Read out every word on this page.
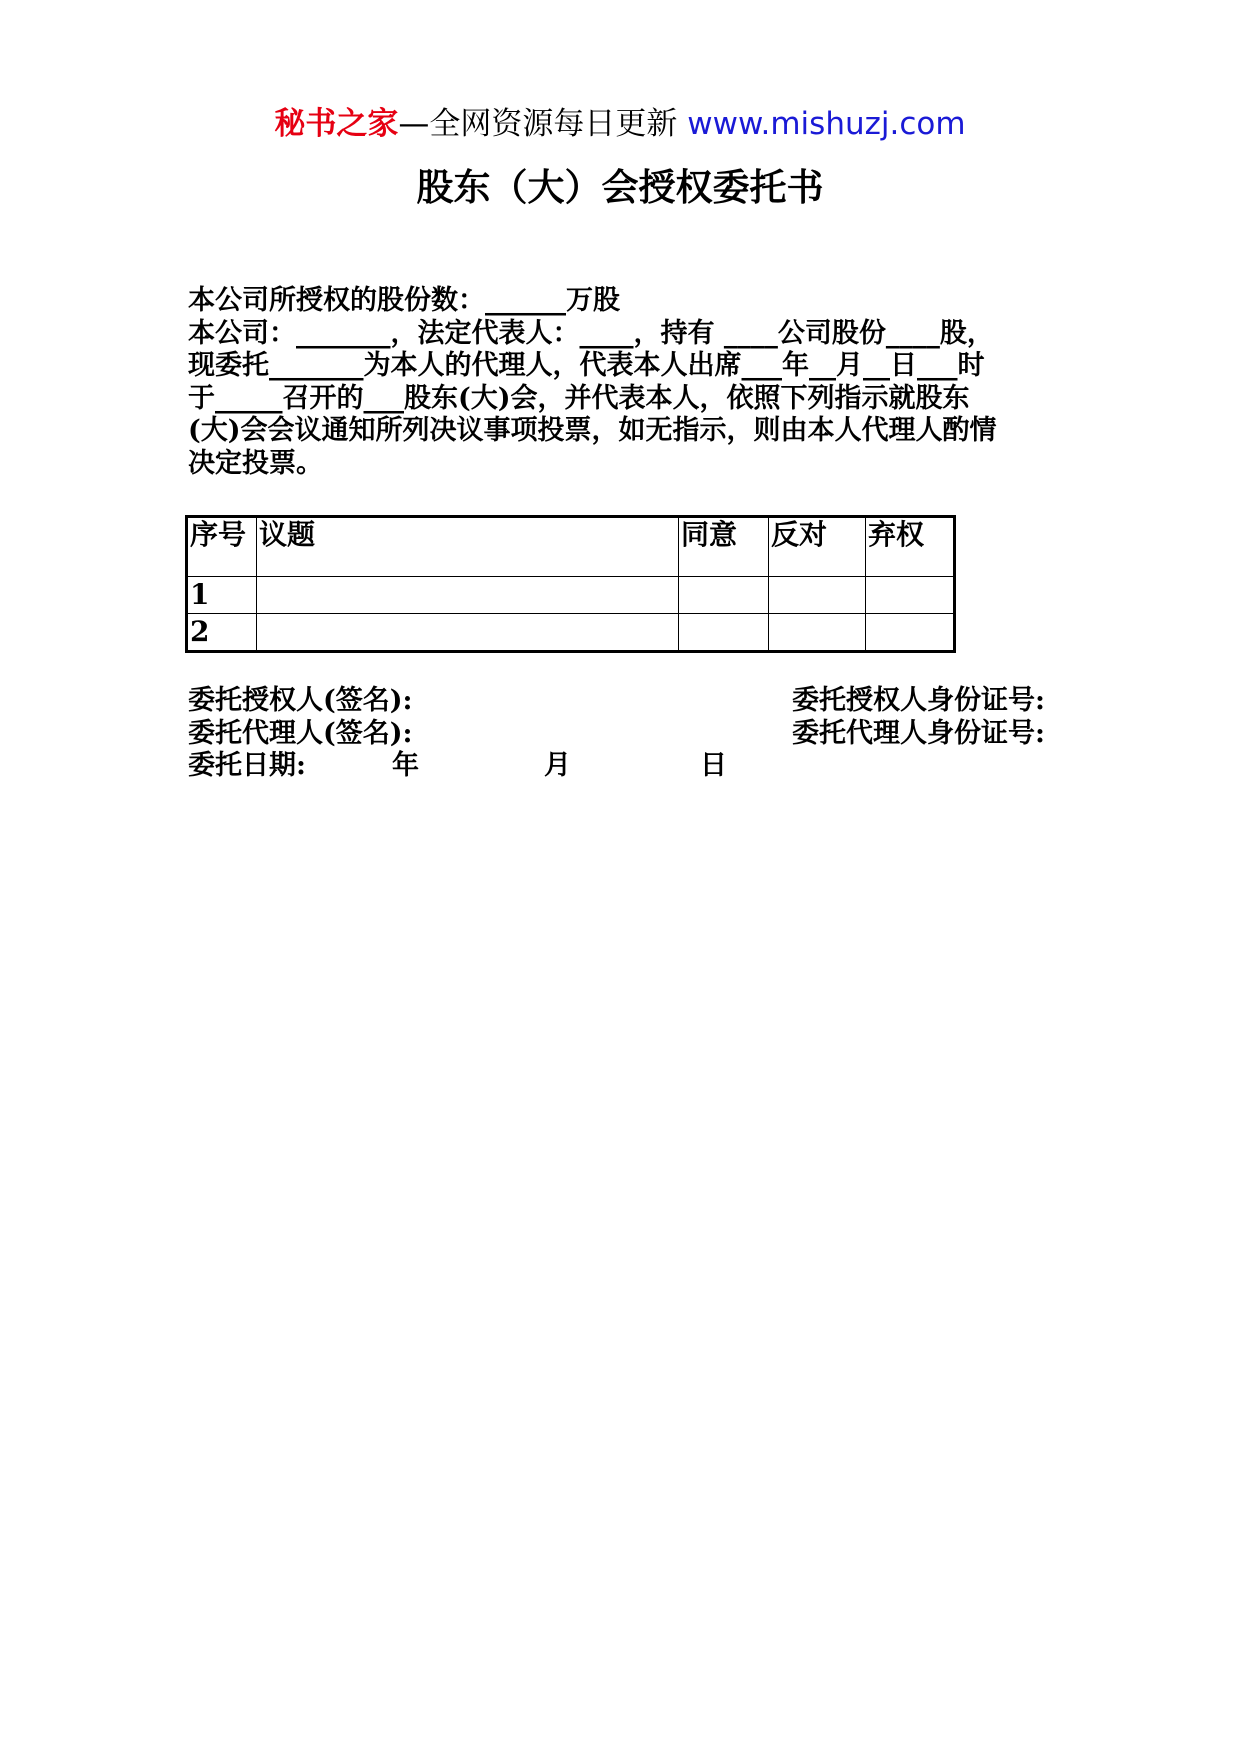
秘书之家—全网资源每日更新 www.mishuzj.com
股东（大）会授权委托书
本公司所授权的股份数：______万股
本公司：_______，法定代表人：____，持有 ____公司股份____股，
现委托_______为本人的代理人，代表本人出席___年__月__日___时
于_____召开的___股东(大)会，并代表本人，依照下列指示就股东
(大)会会议通知所列决议事项投票，如无指示，则由本人代理人酌情
决定投票。
序号	议题	同意	反对	弃权
1				
2				
委托授权人(签名):	委托授权人身份证号:
委托代理人(签名):	委托代理人身份证号:
委托日期:	年	月	日
